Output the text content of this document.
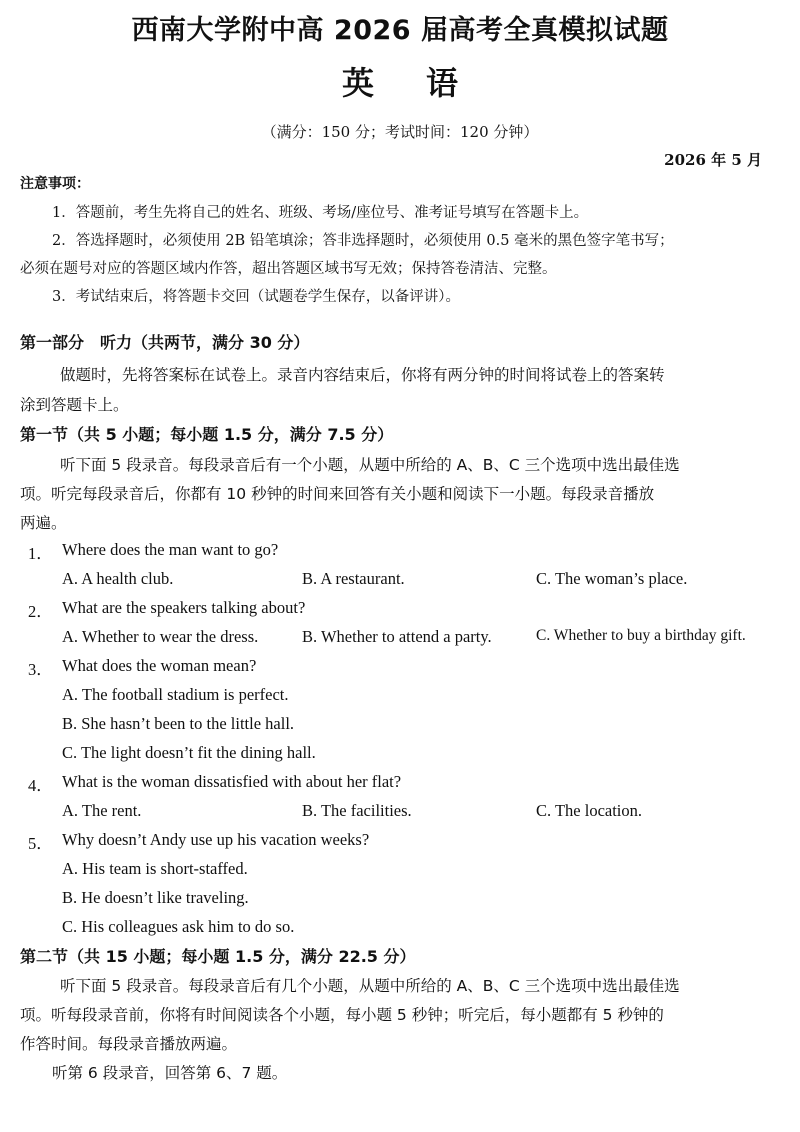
西南大学附中高 2026 届高考全真模拟试题
英语
（满分：150 分；考试时间：120 分钟）
2026 年 5 月
注意事项：
1．答题前，考生先将自己的姓名、班级、考场/座位号、准考证号填写在答题卡上。
2．答选择题时，必须使用 2B 铅笔填涂；答非选择题时，必须使用 0.5 毫米的黑色签字笔书写；
必须在题号对应的答题区域内作答，超出答题区域书写无效；保持答卷清洁、完整。
3．考试结束后，将答题卡交回（试题卷学生保存，以备评讲）。
第一部分　听力（共两节，满分 30 分）
做题时，先将答案标在试卷上。录音内容结束后，你将有两分钟的时间将试卷上的答案转
涂到答题卡上。
第一节（共 5 小题；每小题 1.5 分，满分 7.5 分）
听下面 5 段录音。每段录音后有一个小题，从题中所给的 A、B、C 三个选项中选出最佳选
项。听完每段录音后，你都有 10 秒钟的时间来回答有关小题和阅读下一小题。每段录音播放
两遍。
1． Where does the man want to go?
A. A health club.	B. A restaurant.	C. The woman’s place.
2． What are the speakers talking about?
A. Whether to wear the dress.	B. Whether to attend a party.	C. Whether to buy a birthday gift.
3． What does the woman mean?
A. The football stadium is perfect.
B. She hasn’t been to the little hall.
C. The light doesn’t fit the dining hall.
4． What is the woman dissatisfied with about her flat?
A. The rent.	B. The facilities.	C. The location.
5． Why doesn’t Andy use up his vacation weeks?
A. His team is short-staffed.
B. He doesn’t like traveling.
C. His colleagues ask him to do so.
第二节（共 15 小题；每小题 1.5 分，满分 22.5 分）
听下面 5 段录音。每段录音后有几个小题，从题中所给的 A、B、C 三个选项中选出最佳选
项。听每段录音前，你将有时间阅读各个小题，每小题 5 秒钟；听完后，每小题都有 5 秒钟的
作答时间。每段录音播放两遍。
听第 6 段录音，回答第 6、7 题。
